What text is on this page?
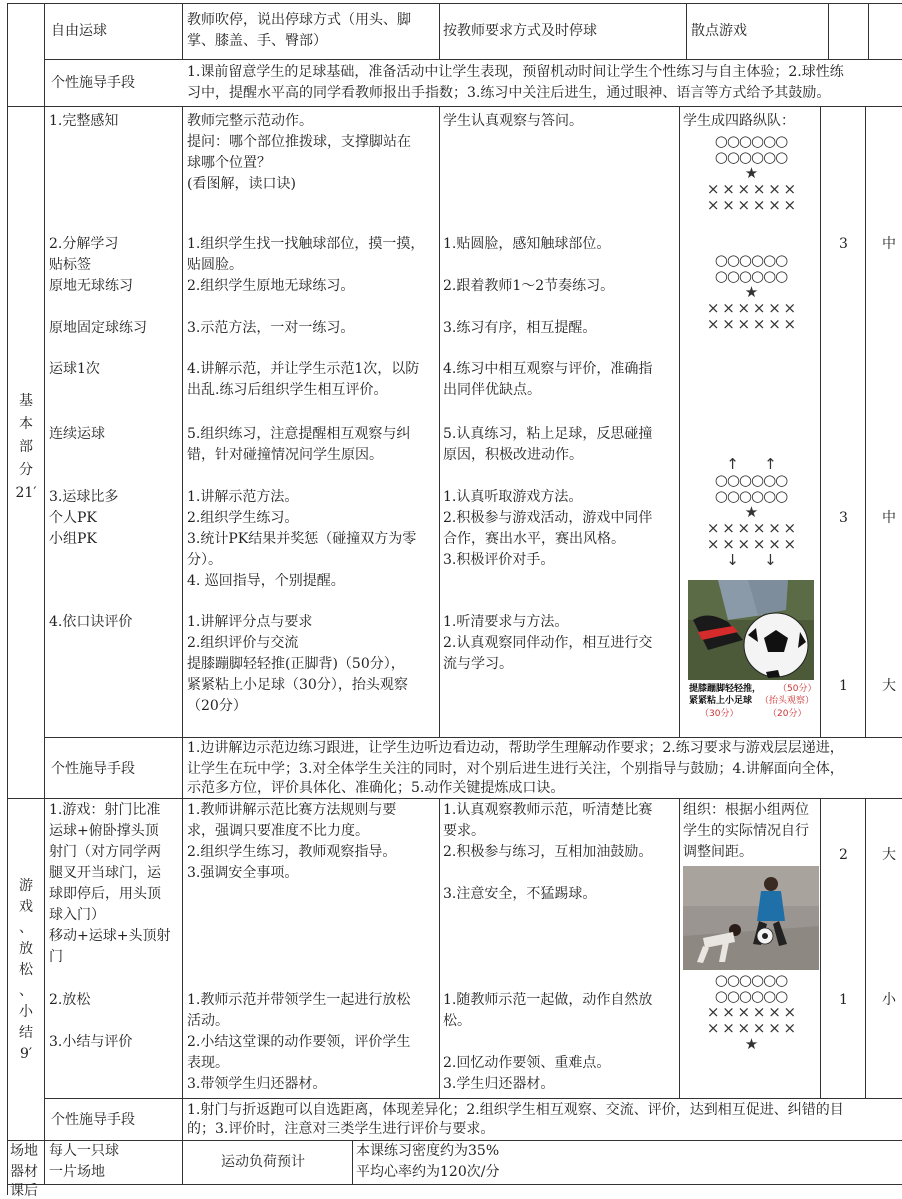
自由运球
教师吹停，说出停球方式（用头、脚
掌、膝盖、手、臀部）
按教师要求方式及时停球	散点游戏
个性施导手段
1.课前留意学生的足球基础，准备活动中让学生表现，预留机动时间让学生个性练习与自主体验；2.球性练
习中，提醒水平高的同学看教师报出手指数；3.练习中关注后进生，通过眼神、语言等方式给予其鼓励。
基
本
部
分
21′
1.完整感知
2.分解学习
贴标签
原地无球练习
原地固定球练习
运球1次
连续运球
3.运球比多
个人PK
小组PK
4.依口诀评价
教师完整示范动作。
提问：哪个部位推拨球，支撑脚站在
球哪个位置？
(看图解，读口诀)
1.组织学生找一找触球部位，摸一摸，
贴圆脸。
2.组织学生原地无球练习。
3.示范方法，一对一练习。
4.讲解示范，并让学生示范1次，以防
出乱.练习后组织学生相互评价。
5.组织练习，注意提醒相互观察与纠
错，针对碰撞情况问学生原因。
1.讲解示范方法。
2.组织学生练习。
3.统计PK结果并奖惩（碰撞双方为零
分）。
4. 巡回指导，个别提醒。
1.讲解评分点与要求
2.组织评价与交流
提膝蹦脚轻轻推(正脚背)（50分），
紧紧粘上小足球（30分），抬头观察
（20分）
学生认真观察与答问。
1.贴圆脸，感知触球部位。
2.跟着教师1～2节奏练习。
3.练习有序，相互提醒。
4.练习中相互观察与评价，准确指
出同伴优缺点。
5.认真练习，粘上足球，反思碰撞
原因，积极改进动作。
1.认真听取游戏方法。
2.积极参与游戏活动，游戏中同伴
合作，赛出水平，赛出风格。
3.积极评价对手。
1.听清要求与方法。
2.认真观察同伴动作，相互进行交
流与学习。
学生成四路纵队：
○○○○○○
○○○○○○
★
× × × × × ×
× × × × × ×
○○○○○○
○○○○○○
★
× × × × × ×
× × × × × ×
↑       ↑
○○○○○○
○○○○○○
★
× × × × × ×
× × × × × ×
↓       ↓
提膝蹦脚轻轻推，
紧紧粘上小足球
（50分）
（抬头观察）
（30分）	（20分）
3
3
1
中
中
大
个性施导手段
1.边讲解边示范边练习跟进，让学生边听边看边动，帮助学生理解动作要求；2.练习要求与游戏层层递进，
让学生在玩中学；3.对全体学生关注的同时，对个别后进生进行关注，个别指导与鼓励；4.讲解面向全体，
示范多方位，评价具体化、准确化；5.动作关键提炼成口诀。
游
戏
、
放
松
、
小
结
9′
1.游戏：射门比准
运球+俯卧撑头顶
射门（对方同学两
腿叉开当球门，运
球即停后，用头顶
球入门）
移动+运球+头顶射
门
2.放松
3.小结与评价
1.教师讲解示范比赛方法规则与要
求，强调只要准度不比力度。
2.组织学生练习，教师观察指导。
3.强调安全事项。
1.教师示范并带领学生一起进行放松
活动。
2.小结这堂课的动作要领，评价学生
表现。
3.带领学生归还器材。
1.认真观察教师示范，听清楚比赛
要求。
2.积极参与练习，互相加油鼓励。
3.注意安全，不猛踢球。
1.随教师示范一起做，动作自然放
松。
2.回忆动作要领、重难点。
3.学生归还器材。
组织：根据小组两位
学生的实际情况自行
调整间距。
○○○○○○
○○○○○○
× × × × × ×
× × × × × ×
★
2
1
大
小
个性施导手段
1.射门与折返跑可以自选距离，体现差异化；2.组织学生相互观察、交流、评价，达到相互促进、纠错的目
的；3.评价时，注意对三类学生进行评价与要求。
场地
器材
每人一只球
一片场地
运动负荷预计
本课练习密度约为35%
平均心率约为120次/分
课后
